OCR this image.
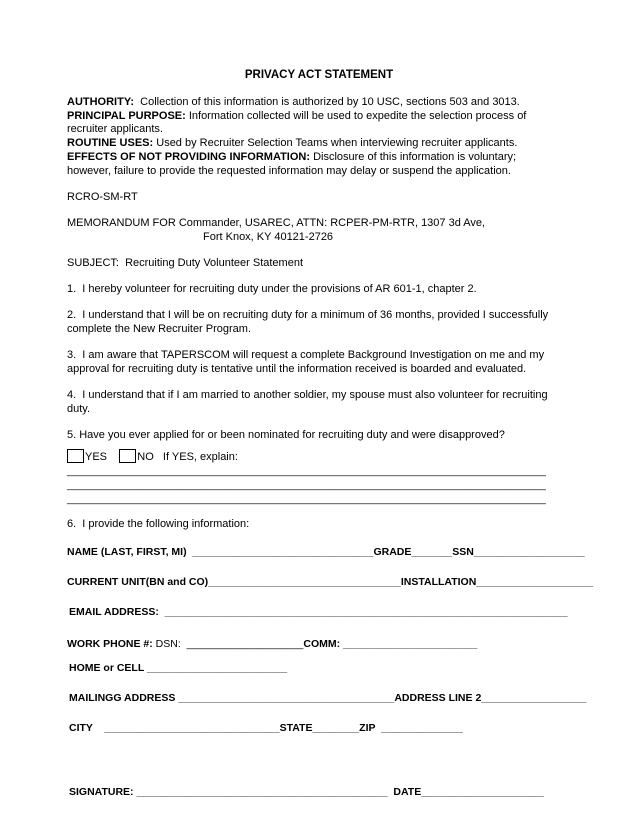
PRIVACY ACT STATEMENT
AUTHORITY:  Collection of this information is authorized by 10 USC, sections 503 and 3013.
PRINCIPAL PURPOSE: Information collected will be used to expedite the selection process of
recruiter applicants.
ROUTINE USES: Used by Recruiter Selection Teams when interviewing recruiter applicants.
EFFECTS OF NOT PROVIDING INFORMATION: Disclosure of this information is voluntary;
however, failure to provide the requested information may delay or suspend the application.
RCRO-SM-RT
MEMORANDUM FOR Commander, USAREC, ATTN: RCPER-PM-RTR, 1307 3d Ave,
Fort Knox, KY 40121-2726
SUBJECT:  Recruiting Duty Volunteer Statement
1.  I hereby volunteer for recruiting duty under the provisions of AR 601-1, chapter 2.
2.  I understand that I will be on recruiting duty for a minimum of 36 months, provided I successfully
complete the New Recruiter Program.
3.  I am aware that TAPERSCOM will request a complete Background Investigation on me and my
approval for recruiting duty is tentative until the information received is boarded and evaluated.
4.  I understand that if I am married to another soldier, my spouse must also volunteer for recruiting
duty.
5. Have you ever applied for or been nominated for recruiting duty and were disapproved?
YES	NO If YES, explain:
__________________________________________________________________________________
__________________________________________________________________________________
__________________________________________________________________________________
6.  I provide the following information:
NAME (LAST, FIRST, MI)  _______________________________GRADE_______SSN___________________
CURRENT UNIT(BN and CO)_________________________________INSTALLATION____________________
EMAIL ADDRESS:  _____________________________________________________________________
WORK PHONE #: DSN:  ____________________COMM: _______________________
HOME or CELL ________________________
MAILINGG ADDRESS _____________________________________ADDRESS LINE 2__________________
CITY    ______________________________STATE________ZIP  ______________
SIGNATURE: ___________________________________________  DATE_____________________
